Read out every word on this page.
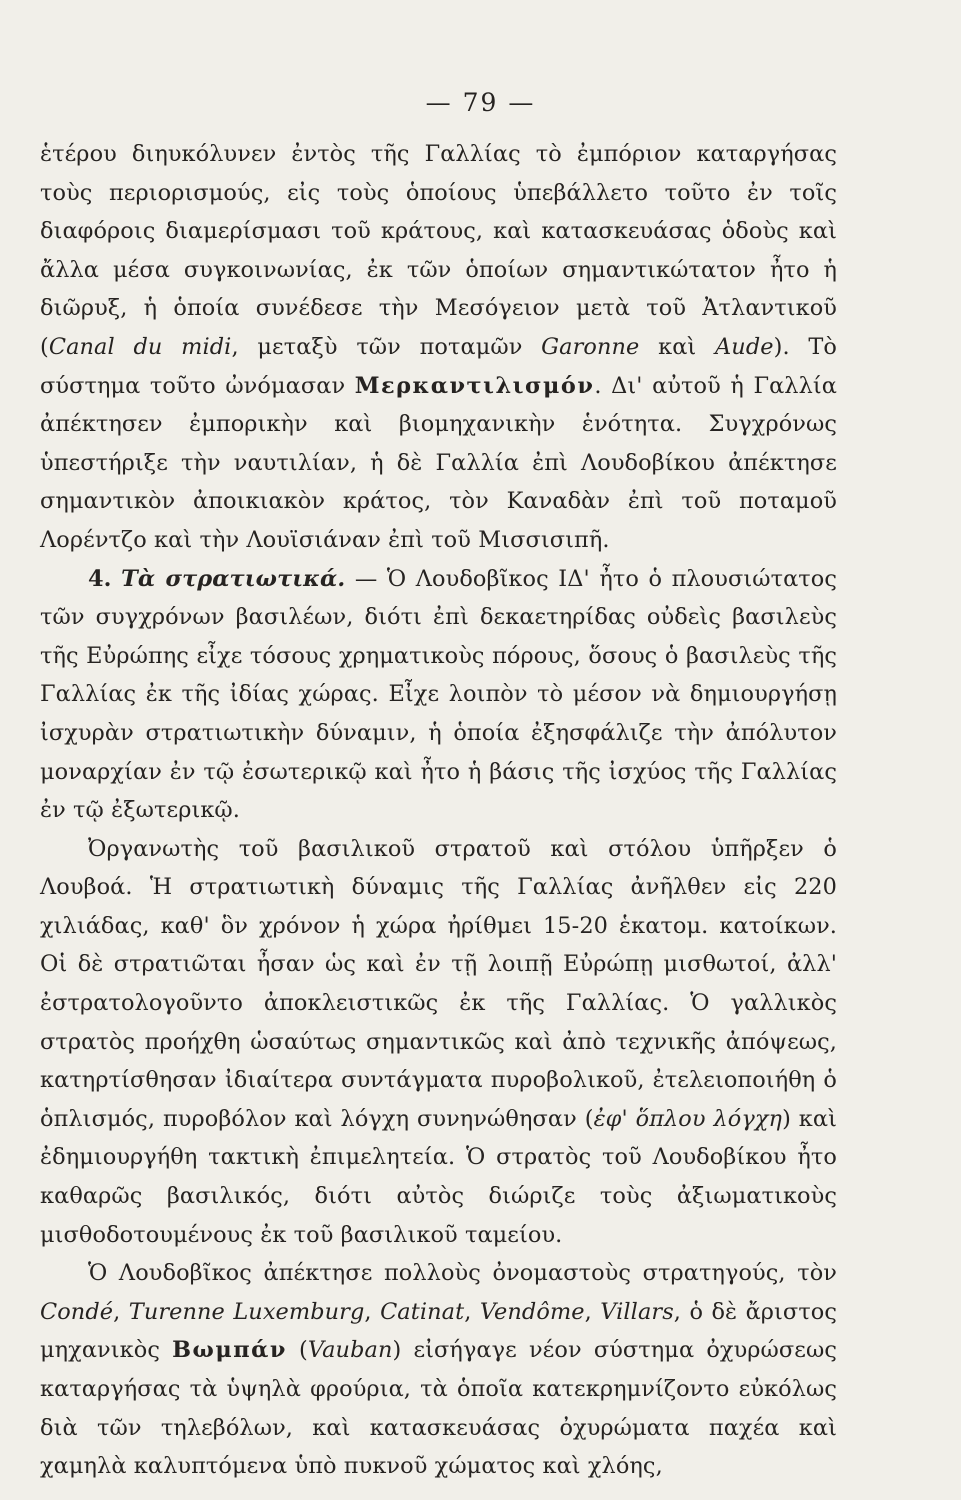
— 79 —

ἑτέρου διηυκόλυνεν ἐντὸς τῆς Γαλλίας τὸ ἐμπόριον καταργήσας τοὺς περιορισμούς, εἰς τοὺς ὁποίους ὑπεβάλλετο τοῦτο ἐν τοῖς διαφόροις διαμερίσμασι τοῦ κράτους, καὶ κατασκευάσας ὁδοὺς καὶ ἄλλα μέσα συγκοινωνίας, ἐκ τῶν ὁποίων σημαντικώτατον ἦτο ἡ διῶρυξ, ἡ ὁποία συνέδεσε τὴν Μεσόγειον μετὰ τοῦ Ἀτλαντικοῦ (Canal du midi, μεταξὺ τῶν ποταμῶν Garonne καὶ Aude). Τὸ σύστημα τοῦτο ὠνόμασαν Μερκαντιλισμόν. Δι' αὐτοῦ ἡ Γαλλία ἀπέκτησεν ἐμπορικὴν καὶ βιομηχανικὴν ἑνότητα. Συγχρόνως ὑπεστήριξε τὴν ναυτιλίαν, ἡ δὲ Γαλλία ἐπὶ Λουδοβίκου ἀπέκτησε σημαντικὸν ἀποικιακὸν κράτος, τὸν Καναδὰν ἐπὶ τοῦ ποταμοῦ Λορέντζο καὶ τὴν Λουϊσιάναν ἐπὶ τοῦ Μισσισιπῆ.

4. Τὰ στρατιωτικά. — Ὁ Λουδοβῖκος ΙΔ' ἦτο ὁ πλουσιώτατος τῶν συγχρόνων βασιλέων, διότι ἐπὶ δεκαετηρίδας οὐδεὶς βασιλεὺς τῆς Εὐρώπης εἶχε τόσους χρηματικοὺς πόρους, ὅσους ὁ βασιλεὺς τῆς Γαλλίας ἐκ τῆς ἰδίας χώρας. Εἶχε λοιπὸν τὸ μέσον νὰ δημιουργήσῃ ἰσχυρὰν στρατιωτικὴν δύναμιν, ἡ ὁποία ἐξησφάλιζε τὴν ἀπόλυτον μοναρχίαν ἐν τῷ ἐσωτερικῷ καὶ ἦτο ἡ βάσις τῆς ἰσχύος τῆς Γαλλίας ἐν τῷ ἐξωτερικῷ.

Ὀργανωτὴς τοῦ βασιλικοῦ στρατοῦ καὶ στόλου ὑπῆρξεν ὁ Λουβοά. Ἡ στρατιωτικὴ δύναμις τῆς Γαλλίας ἀνῆλθεν εἰς 220 χιλιάδας, καθ' ὃν χρόνον ἡ χώρα ἠρίθμει 15-20 ἑκατομ. κατοίκων. Οἱ δὲ στρατιῶται ἦσαν ὡς καὶ ἐν τῇ λοιπῇ Εὐρώπῃ μισθωτοί, ἀλλ' ἐστρατολογοῦντο ἀποκλειστικῶς ἐκ τῆς Γαλλίας. Ὁ γαλλικὸς στρατὸς προήχθη ὡσαύτως σημαντικῶς καὶ ἀπὸ τεχνικῆς ἀπόψεως, κατηρτίσθησαν ἰδιαίτερα συντάγματα πυροβολικοῦ, ἐτελειοποιήθη ὁ ὁπλισμός, πυροβόλον καὶ λόγχη συνηνώθησαν (ἐφ' ὅπλου λόγχη) καὶ ἐδημιουργήθη τακτικὴ ἐπιμελητεία. Ὁ στρατὸς τοῦ Λουδοβίκου ἦτο καθαρῶς βασιλικός, διότι αὐτὸς διώριζε τοὺς ἀξιωματικοὺς μισθοδοτουμένους ἐκ τοῦ βασιλικοῦ ταμείου.

Ὁ Λουδοβῖκος ἀπέκτησε πολλοὺς ὀνομαστοὺς στρατηγούς, τὸν Condé, Turenne Luxemburg, Catinat, Vendôme, Villars, ὁ δὲ ἄριστος μηχανικὸς Βωμπάν (Vauban) εἰσήγαγε νέον σύστημα ὀχυρώσεως καταργήσας τὰ ὑψηλὰ φρούρια, τὰ ὁποῖα κατεκρημνίζοντο εὐκόλως διὰ τῶν τηλεβόλων, καὶ κατασκευάσας ὀχυρώματα παχέα καὶ χαμηλὰ καλυπτόμενα ὑπὸ πυκνοῦ χώματος καὶ χλόης,
